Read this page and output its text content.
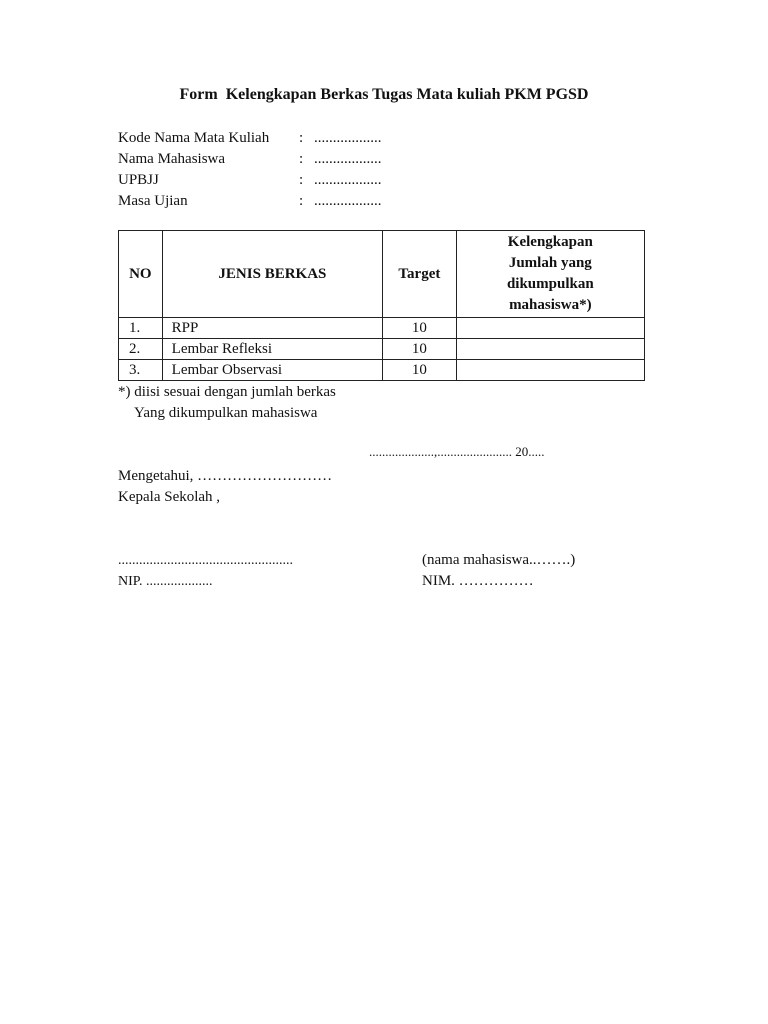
Form  Kelengkapan Berkas Tugas Mata kuliah PKM PGSD
Kode Nama Mata Kuliah : ..................
Nama Mahasiswa	: ..................
UPBJJ	: ..................
Masa Ujian	: ..................
NO	JENIS BERKAS	Target	Kelengkapan
Jumlah yang
dikumpulkan
mahasiswa*)

1.	RPP	10	
2.	Lembar Refleksi	10	
3.	Lembar Observasi	10	
*) diisi sesuai dengan jumlah berkas
Yang dikumpulkan mahasiswa
....................,....................... 20.....
Mengetahui, ………………………
Kepala Sekolah ,
..................................................
NIP. ...................
(nama mahasiswa..…….)
NIM. ……………
